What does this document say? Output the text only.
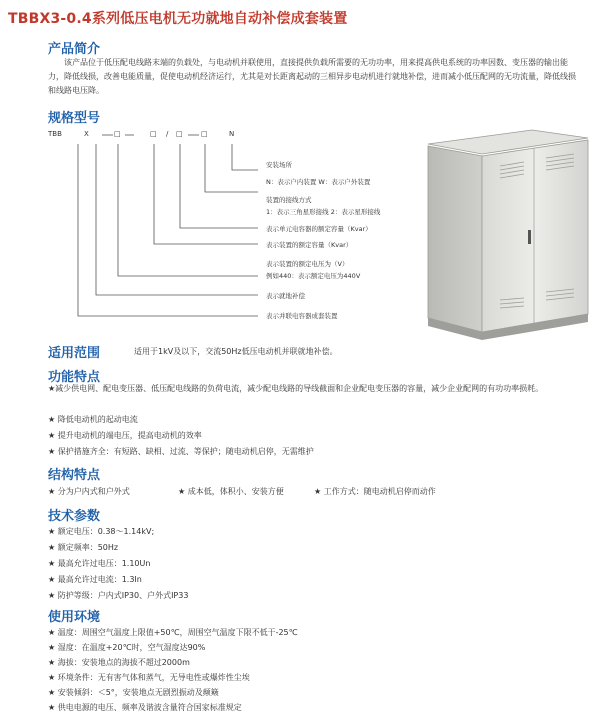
TBBX3-0.4系列低压电机无功就地自动补偿成套装置
产品简介
该产品位于低压配电线路末端的负载处，与电动机并联使用，直接提供负载所需要的无功功率，用来提高供电系统的功率因数、变压器的输出能力，降低线损，改善电能质量，促使电动机经济运行，尤其是对长距离起动的三相异步电动机进行就地补偿，进而减小低压配网的无功流量，降低线损和线路电压降。
规格型号
TBB	X	□	□ / □	□	N
安装场所
N：表示户内装置 W：表示户外装置
装置的接线方式
1：表示三角星形接线 2：表示星形接线
表示单元电容器的额定容量（Kvar）
表示装置的额定容量（Kvar）
表示装置的额定电压为（V）
例如440：表示额定电压为440V
表示就地补偿
表示并联电容器成套装置
适用范围	适用于1kV及以下，交流50Hz低压电动机并联就地补偿。
功能特点
★减少供电网、配电变压器、低压配电线路的负荷电流，减少配电线路的导线截面和企业配电变压器的容量，减少企业配网的有功功率损耗。
★ 降低电动机的起动电流
★ 提升电动机的端电压，提高电动机的效率
★ 保护措施齐全：有短路、缺相、过流、等保护；随电动机启停，无需维护
结构特点
★ 分为户内式和户外式	★ 成本低，体积小、安装方便	★ 工作方式：随电动机启停而动作
技术参数
★ 额定电压：0.38～1.14kV;
★ 额定频率：50Hz
★ 最高允许过电压：1.10Un
★ 最高允许过电流：1.3In
★ 防护等级：户内式IP30、户外式IP33
使用环境
★ 温度：周围空气温度上限值+50℃，周围空气温度下限不低于-25℃
★ 湿度：在温度+20℃时，空气湿度达90%
★ 海拔：安装地点的海拔不超过2000m
★ 环境条件：无有害气体和蒸气，无导电性或爆炸性尘埃
★ 安装倾斜：＜5°，安装地点无剧烈振动及颠簸
★ 供电电源的电压、频率及谐波含量符合国家标准规定
